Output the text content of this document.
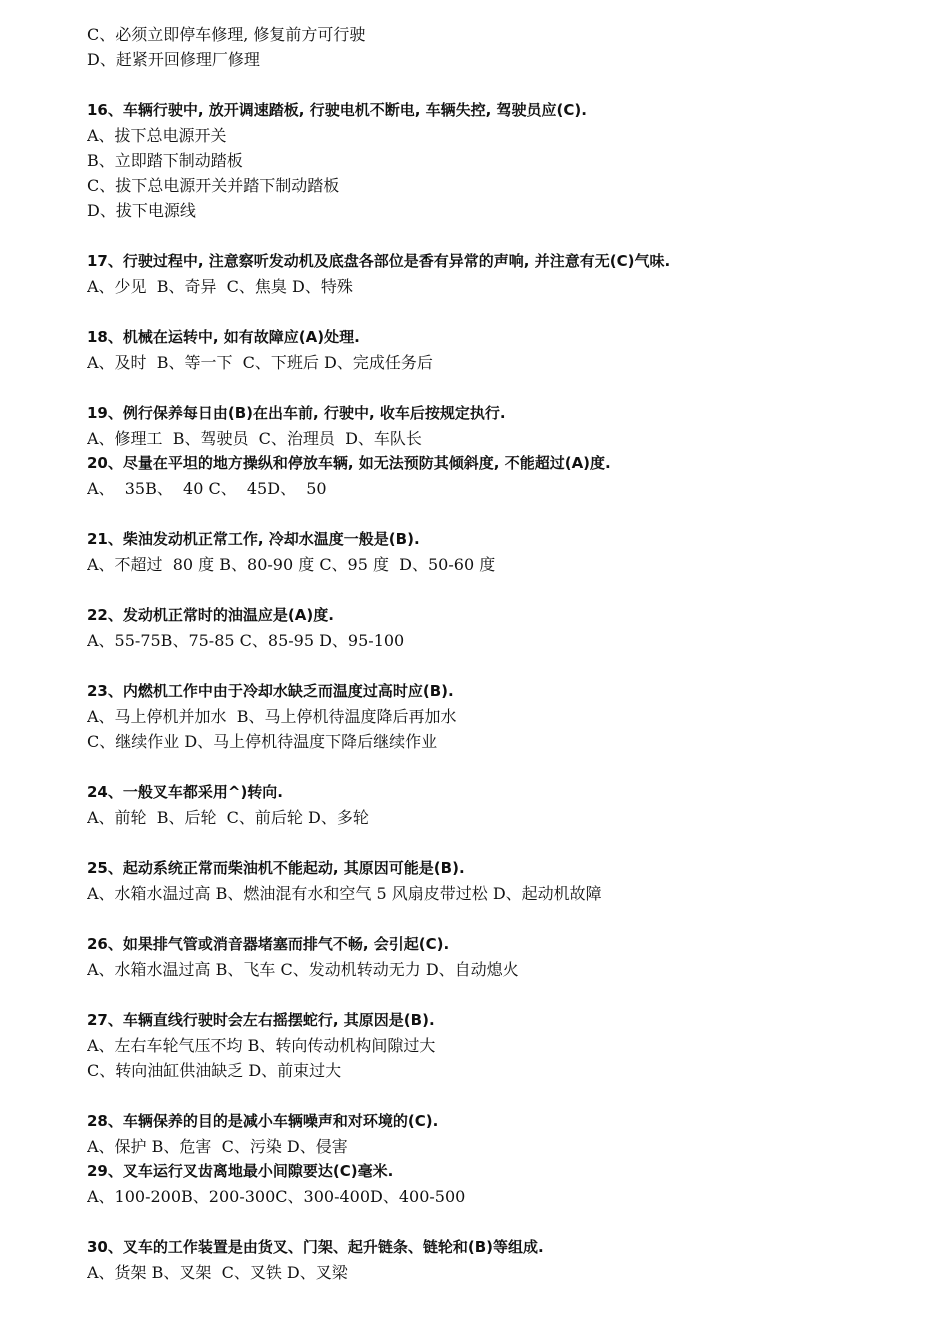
C、必须立即停车修理, 修复前方可行驶
D、赶紧开回修理厂修理
16、车辆行驶中, 放开调速踏板, 行驶电机不断电, 车辆失控, 驾驶员应(C).
A、拔下总电源开关
B、立即踏下制动踏板
C、拔下总电源开关并踏下制动踏板
D、拔下电源线
17、行驶过程中, 注意察听发动机及底盘各部位是香有异常的声响, 并注意有无(C)气味.
A、少见  B、奇异  C、焦臭 D、特殊
18、机械在运转中, 如有故障应(A)处理.
A、及时  B、等一下  C、下班后 D、完成任务后
19、例行保养每日由(B)在出车前, 行驶中, 收车后按规定执行.
A、修理工  B、驾驶员  C、治理员  D、车队长
20、尽量在平坦的地方操纵和停放车辆, 如无法预防其倾斜度, 不能超过(A)度.
A、  35B、  40 C、  45D、  50
21、柴油发动机正常工作, 冷却水温度一般是(B).
A、不超过  80 度 B、80-90 度 C、95 度  D、50-60 度
22、发动机正常时的油温应是(A)度.
A、55-75B、75-85 C、85-95 D、95-100
23、内燃机工作中由于冷却水缺乏而温度过高时应(B).
A、马上停机并加水  B、马上停机待温度降后再加水
C、继续作业 D、马上停机待温度下降后继续作业
24、一般叉车都采用^)转向.
A、前轮  B、后轮  C、前后轮 D、多轮
25、起动系统正常而柴油机不能起动, 其原因可能是(B).
A、水箱水温过高 B、燃油混有水和空气 5 风扇皮带过松 D、起动机故障
26、如果排气管或消音器堵塞而排气不畅, 会引起(C).
A、水箱水温过高 B、飞车 C、发动机转动无力 D、自动熄火
27、车辆直线行驶时会左右摇摆蛇行, 其原因是(B).
A、左右车轮气压不均 B、转向传动机构间隙过大
C、转向油缸供油缺乏 D、前束过大
28、车辆保养的目的是减小车辆噪声和对环境的(C).
A、保护 B、危害  C、污染 D、侵害
29、叉车运行叉齿离地最小间隙要达(C)毫米.
A、100-200B、200-300C、300-400D、400-500
30、叉车的工作装置是由货叉、门架、起升链条、链轮和(B)等组成.
A、货架 B、叉架  C、叉铁 D、叉梁
